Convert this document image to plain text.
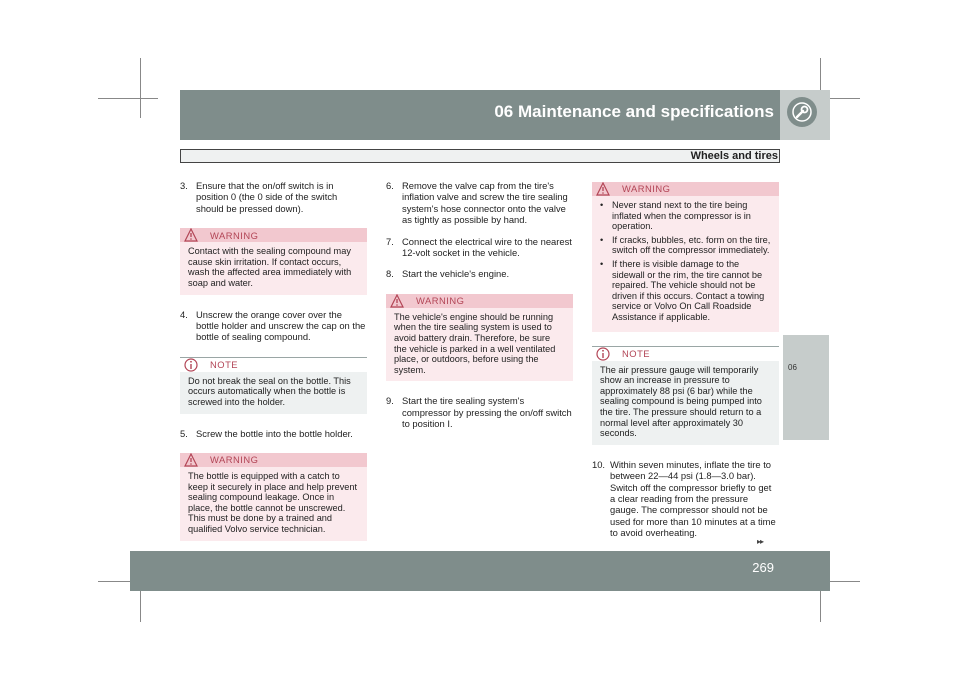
06 Maintenance and specifications
Wheels and tires
06
3. Ensure that the on/off switch is in position 0 (the 0 side of the switch should be pressed down).
WARNING
Contact with the sealing compound may cause skin irritation. If contact occurs, wash the affected area immediately with soap and water.
4. Unscrew the orange cover over the bottle holder and unscrew the cap on the bottle of sealing compound.
NOTE
Do not break the seal on the bottle. This occurs automatically when the bottle is screwed into the holder.
5. Screw the bottle into the bottle holder.
WARNING
The bottle is equipped with a catch to keep it securely in place and help prevent sealing compound leakage. Once in place, the bottle cannot be unscrewed. This must be done by a trained and qualified Volvo service technician.
6. Remove the valve cap from the tire's inflation valve and screw the tire sealing system's hose connector onto the valve as tightly as possible by hand.
7. Connect the electrical wire to the nearest 12-volt socket in the vehicle.
8. Start the vehicle's engine.
WARNING
The vehicle's engine should be running when the tire sealing system is used to avoid battery drain. Therefore, be sure the vehicle is parked in a well ventilated place, or outdoors, before using the system.
9. Start the tire sealing system's compressor by pressing the on/off switch to position I.
WARNING
• Never stand next to the tire being inflated when the compressor is in operation.
• If cracks, bubbles, etc. form on the tire, switch off the compressor immediately.
• If there is visible damage to the sidewall or the rim, the tire cannot be repaired. The vehicle should not be driven if this occurs. Contact a towing service or Volvo On Call Roadside Assistance if applicable.
NOTE
The air pressure gauge will temporarily show an increase in pressure to approximately 88 psi (6 bar) while the sealing compound is being pumped into the tire. The pressure should return to a normal level after approximately 30 seconds.
10. Within seven minutes, inflate the tire to between 22—44 psi (1.8—3.0 bar). Switch off the compressor briefly to get a clear reading from the pressure gauge. The compressor should not be used for more than 10 minutes at a time to avoid overheating.
▸▸
269
